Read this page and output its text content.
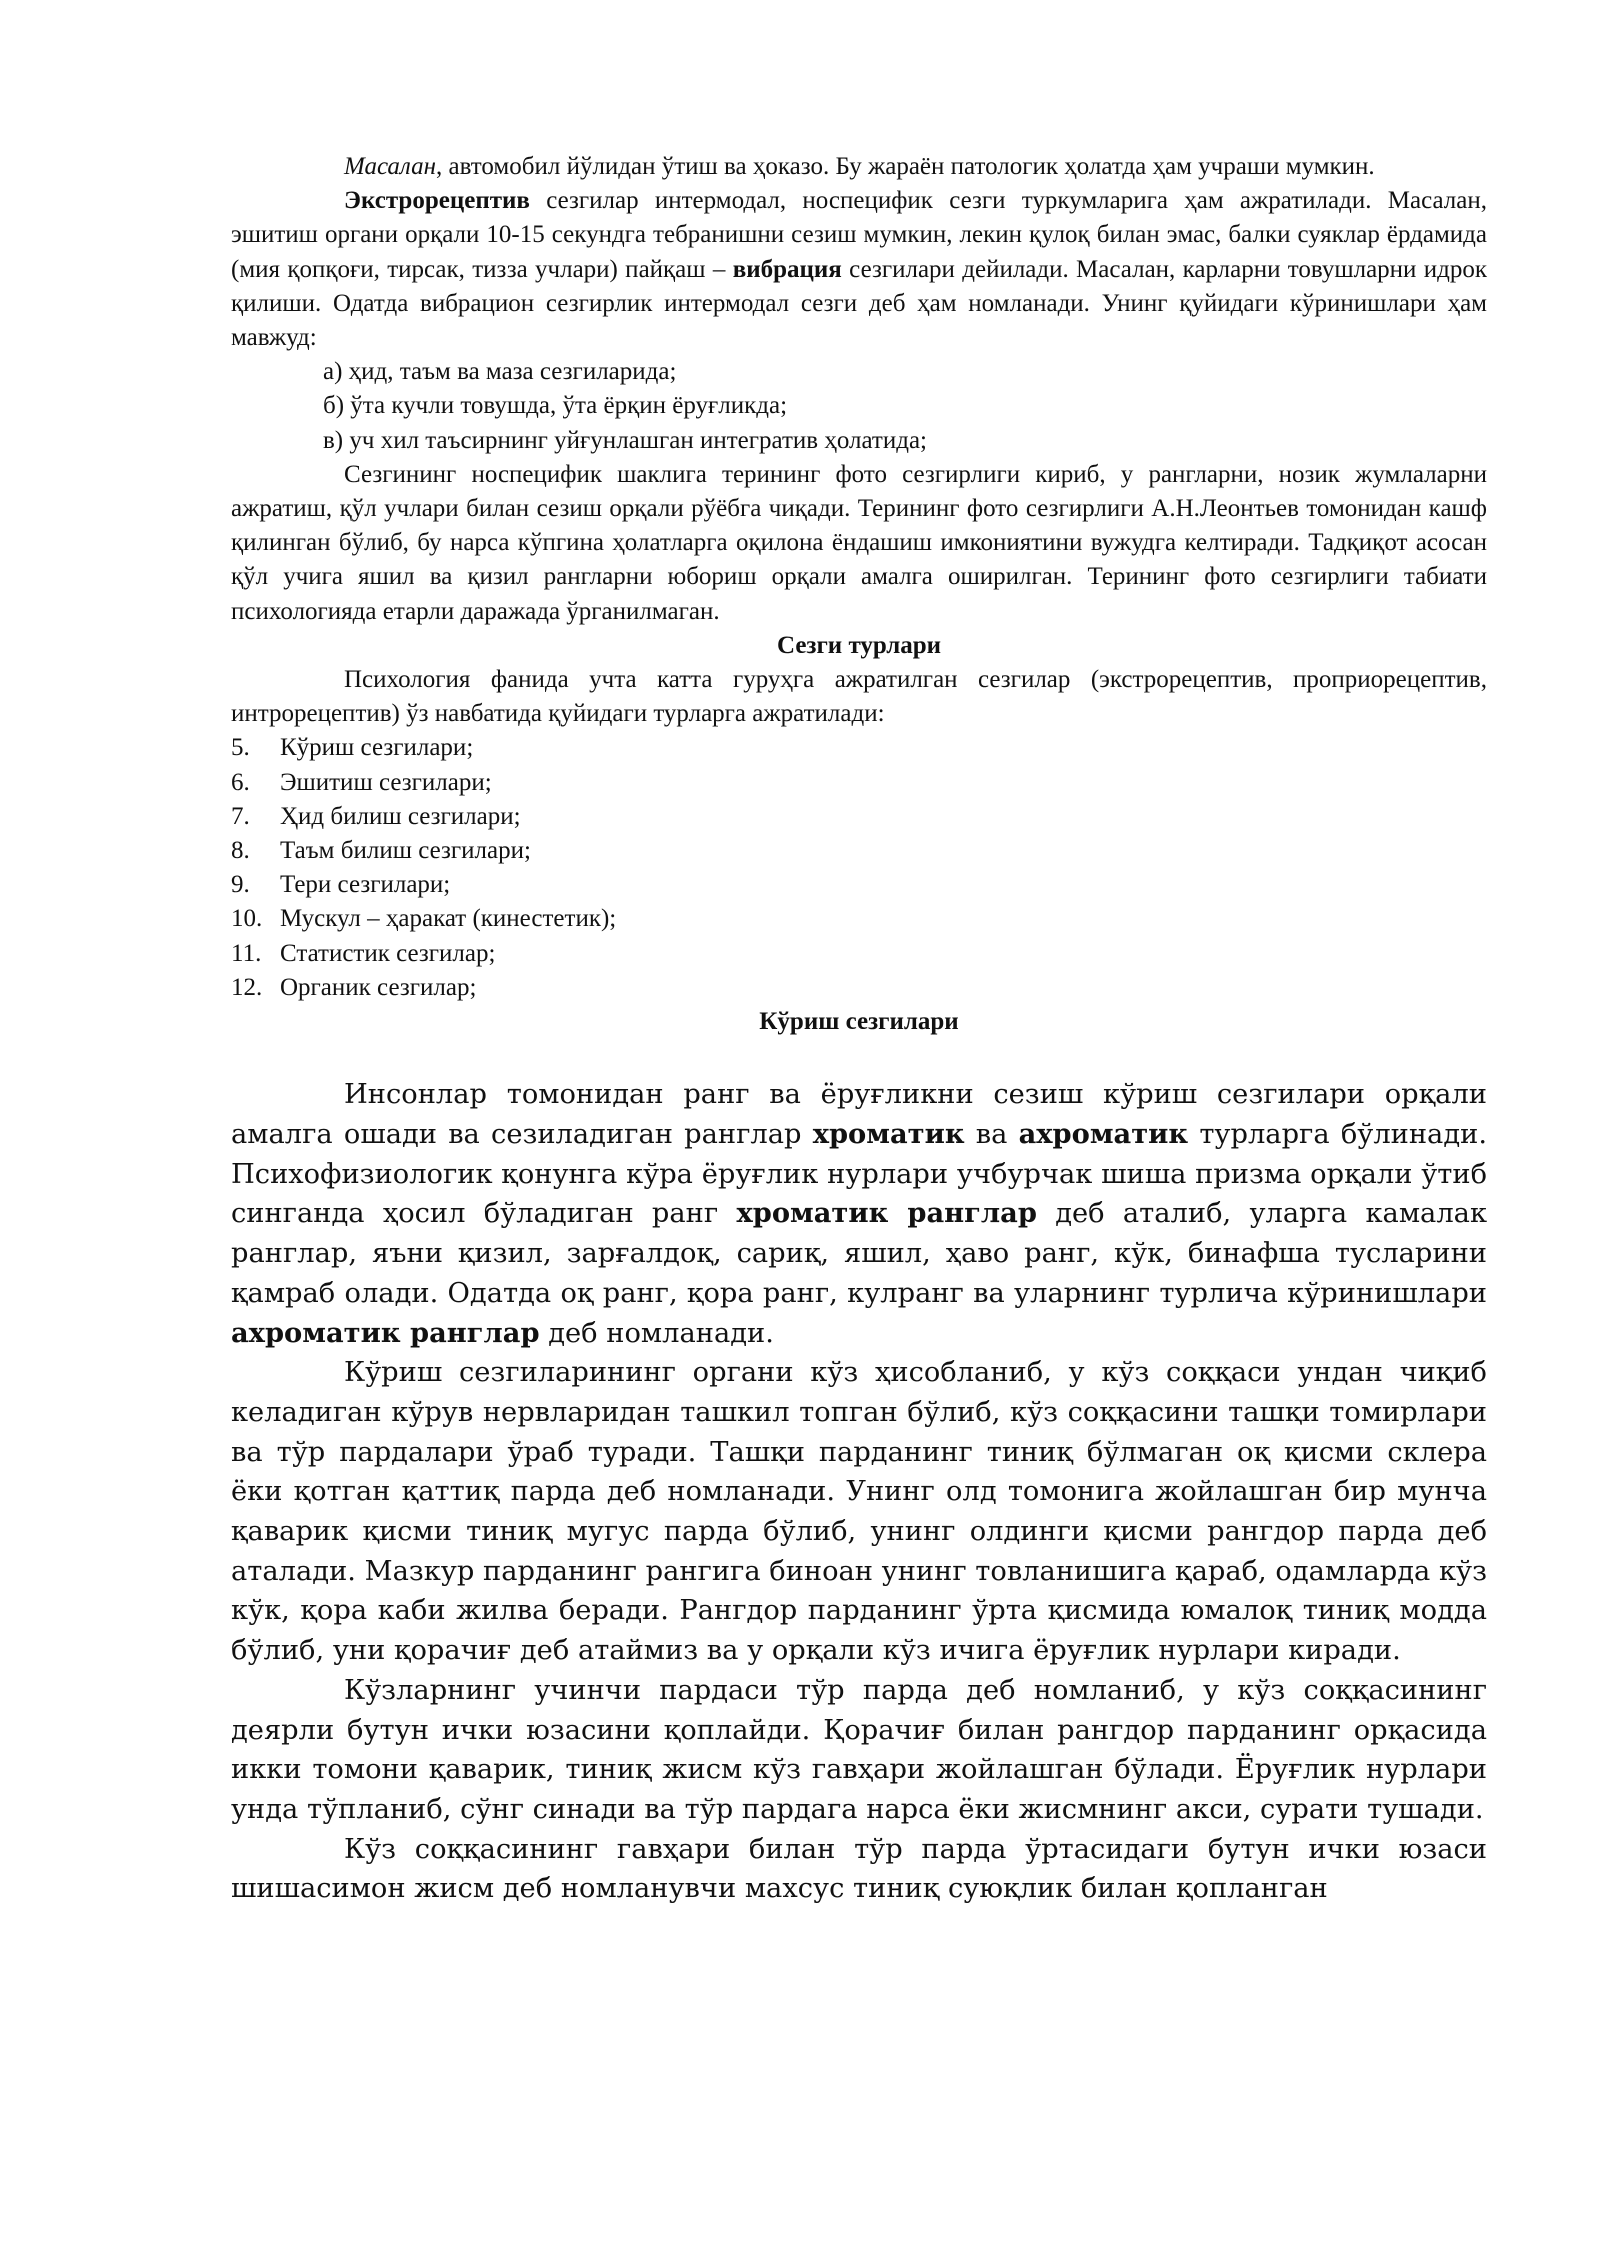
Масалан, автомобил йўлидан ўтиш ва ҳоказо. Бу жараён патологик ҳолатда ҳам учраши мумкин.

Экстрорецептив сезгилар интермодал, носпецифик сезги туркумларига ҳам ажратилади. Масалан, эшитиш органи орқали 10-15 секундга тебранишни сезиш мумкин, лекин қулоқ билан эмас, балки суяклар ёрдамида (мия қопқоғи, тирсак, тизза учлари) пайқаш – вибрация сезгилари дейилади. Масалан, карларни товушларни идрок қилиши. Одатда вибрацион сезгирлик интермодал сезги деб ҳам номланади. Унинг қуйидаги кўринишлари ҳам мавжуд:

а) ҳид, таъм ва маза сезгиларида;

б) ўта кучли товушда, ўта ёрқин ёруғликда;

в) уч хил таъсирнинг уйғунлашган интегратив ҳолатида;

Сезгининг носпецифик шаклига терининг фото сезгирлиги кириб, у рангларни, нозик жумлаларни ажратиш, қўл учлари билан сезиш орқали рўёбга чиқади. Терининг фото сезгирлиги А.Н.Леонтьев томонидан кашф қилинган бўлиб, бу нарса кўпгина ҳолатларга оқилона ёндашиш имкониятини вужудга келтиради. Тадқиқот асосан қўл учига яшил ва қизил рангларни юбориш орқали амалга оширилган. Терининг фото сезгирлиги табиати психологияда етарли даражада ўрганилмаган.

Сезги турлари

Психология фанида учта катта гуруҳга ажратилган сезгилар (экстрорецептив, проприорецептив, интрорецептив) ўз навбатида қуйидаги турларга ажратилади:

5.	Кўриш сезгилари;
6.	Эшитиш сезгилари;
7.	Ҳид билиш сезгилари;
8.	Таъм билиш сезгилари;
9.	Тери сезгилари;
10. Мускул – ҳаракат (кинестетик);
11. Статистик сезгилар;
12. Органик сезгилар;
Кўриш сезгилари

Инсонлар томонидан ранг ва ёруғликни сезиш кўриш сезгилари орқали амалга ошади ва сезиладиган ранглар хроматик ва ахроматик турларга бўлинади. Психофизиологик қонунга кўра ёруғлик нурлари учбурчак шиша призма орқали ўтиб синганда ҳосил бўладиган ранг хроматик ранглар деб аталиб, уларга камалак ранглар, яъни қизил, зарғалдоқ, сариқ, яшил, ҳаво ранг, кўк, бинафша тусларини қамраб олади. Одатда оқ ранг, қора ранг, кулранг ва уларнинг турлича кўринишлари ахроматик ранглар деб номланади.

Кўриш сезгиларининг органи кўз ҳисобланиб, у кўз соққаси ундан чиқиб келадиган кўрув нервларидан ташкил топган бўлиб, кўз соққасини ташқи томирлари ва тўр пардалари ўраб туради. Ташқи парданинг тиниқ бўлмаган оқ қисми склера ёки қотган қаттиқ парда деб номланади. Унинг олд томонига жойлашган бир мунча қаварик қисми тиниқ мугус парда бўлиб, унинг олдинги қисми рангдор парда деб аталади. Мазкур парданинг рангига биноан унинг товланишига қараб, одамларда кўз кўк, қора каби жилва беради. Рангдор парданинг ўрта қисмида юмалоқ тиниқ модда бўлиб, уни қорачиғ деб атаймиз ва у орқали кўз ичига ёруғлик нурлари киради.

Кўзларнинг учинчи пардаси тўр парда деб номланиб, у кўз соққасининг деярли бутун ички юзасини қоплайди. Қорачиғ билан рангдор парданинг орқасида икки томони қаварик, тиниқ жисм кўз гавҳари жойлашган бўлади. Ёруғлик нурлари унда тўпланиб, сўнг синади ва тўр пардага нарса ёки жисмнинг акси, сурати тушади.

Кўз соққасининг гавҳари билан тўр парда ўртасидаги бутун ички юзаси шишасимон жисм деб номланувчи махсус тиниқ суюқлик билан қопланган
